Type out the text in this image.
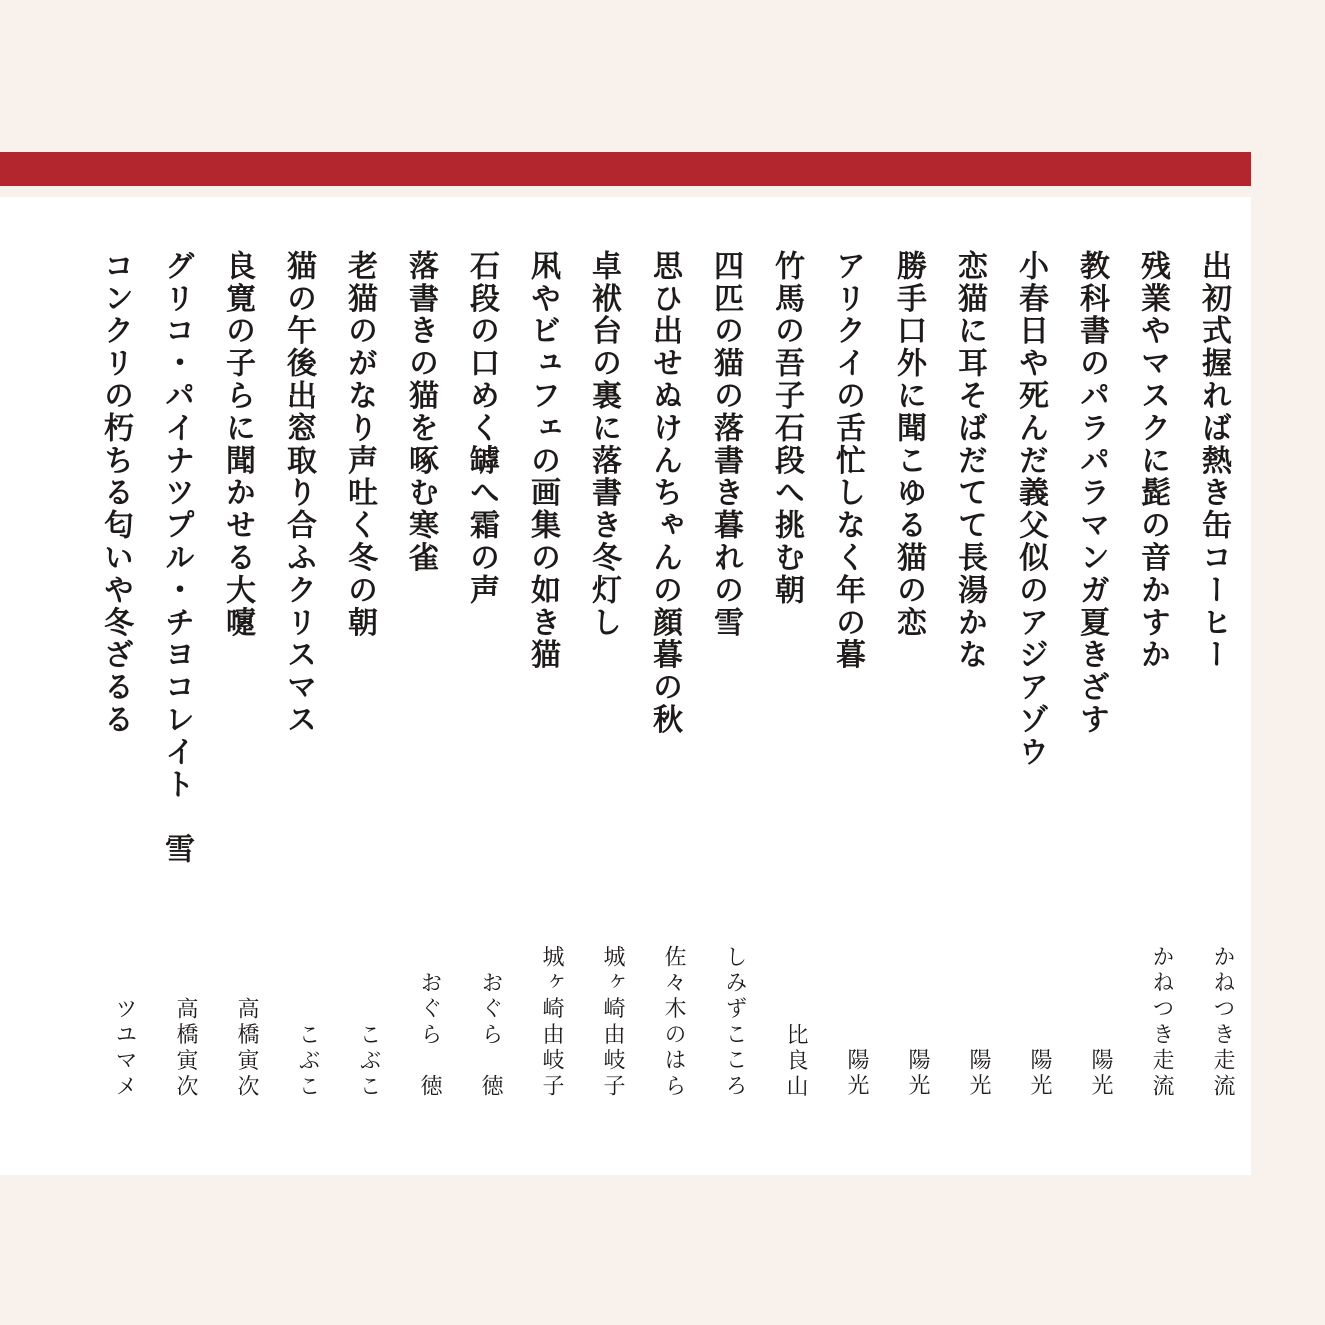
出初式握れば熱き缶コーヒー
かねつき走流
残業やマスクに髭の音かすか
かねつき走流
教科書のパラパラマンガ夏きざす
陽光
小春日や死んだ義父似のアジアゾウ
陽光
恋猫に耳そばだてて長湯かな
陽光
勝手口外に聞こゆる猫の恋
陽光
アリクイの舌忙しなく年の暮
陽光
竹馬の吾子石段へ挑む朝
比良山
四匹の猫の落書き暮れの雪
しみずこころ
思ひ出せぬけんちゃんの顔暮の秋
佐々木のはら
卓袱台の裏に落書き冬灯し
城ヶ崎由岐子
凩やビュフェの画集の如き猫
城ヶ崎由岐子
石段の口めく罅へ霜の声
おぐら　徳
落書きの猫を啄む寒雀
おぐら　徳
老猫のがなり声吐く冬の朝
こぶこ
猫の午後出窓取り合ふクリスマス
こぶこ
良寛の子らに聞かせる大嚔
高橋寅次
グリコ・パイナツプル・チヨコレイト　雪
高橋寅次
コンクリの朽ちる匂いや冬ざるる
ツユマメ
